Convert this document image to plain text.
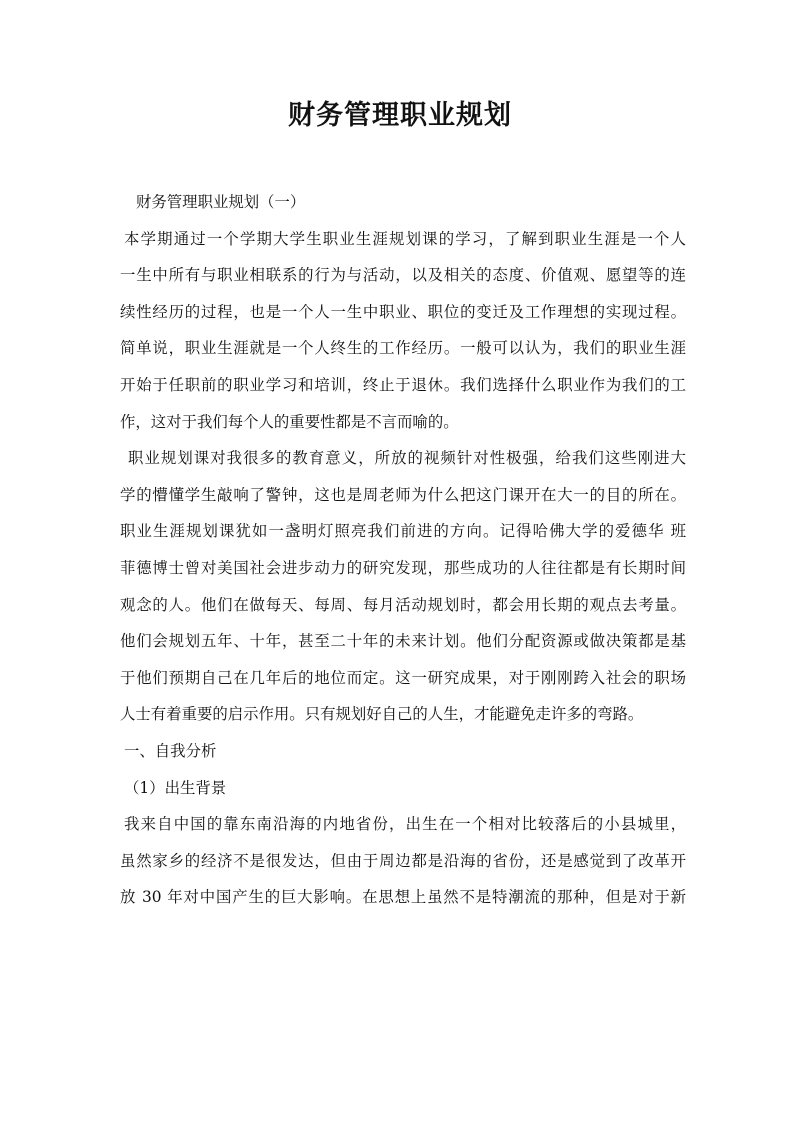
财务管理职业规划
财务管理职业规划（一）
本学期通过一个学期大学生职业生涯规划课的学习，了解到职业生涯是一个人
一生中所有与职业相联系的行为与活动，以及相关的态度、价值观、愿望等的连
续性经历的过程，也是一个人一生中职业、职位的变迁及工作理想的实现过程。
简单说，职业生涯就是一个人终生的工作经历。一般可以认为，我们的职业生涯
开始于任职前的职业学习和培训，终止于退休。我们选择什么职业作为我们的工
作，这对于我们每个人的重要性都是不言而喻的。
职业规划课对我很多的教育意义，所放的视频针对性极强，给我们这些刚进大
学的懵懂学生敲响了警钟，这也是周老师为什么把这门课开在大一的目的所在。
职业生涯规划课犹如一盏明灯照亮我们前进的方向。记得哈佛大学的爱德华 班
菲德博士曾对美国社会进步动力的研究发现，那些成功的人往往都是有长期时间
观念的人。他们在做每天、每周、每月活动规划时，都会用长期的观点去考量。
他们会规划五年、十年，甚至二十年的未来计划。他们分配资源或做决策都是基
于他们预期自己在几年后的地位而定。这一研究成果，对于刚刚跨入社会的职场
人士有着重要的启示作用。只有规划好自己的人生，才能避免走许多的弯路。
一、自我分析
（1）出生背景
我来自中国的靠东南沿海的内地省份，出生在一个相对比较落后的小县城里，
虽然家乡的经济不是很发达，但由于周边都是沿海的省份，还是感觉到了改革开
放 30 年对中国产生的巨大影响。在思想上虽然不是特潮流的那种，但是对于新
